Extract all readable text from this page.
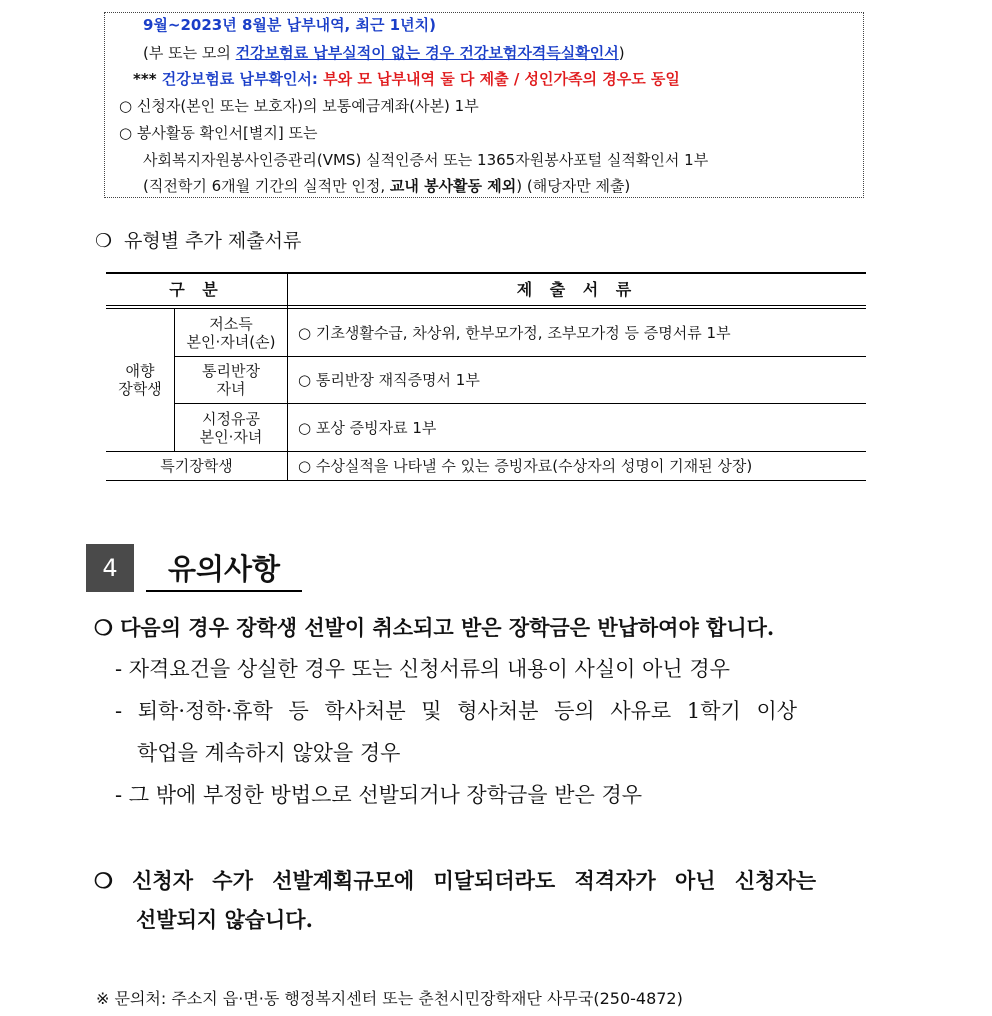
9월~2023년 8월분 납부내역, 최근 1년치)
(부 또는 모의 건강보험료 납부실적이 없는 경우 건강보험자격득실확인서)
*** 건강보험료 납부확인서: 부와 모 납부내역 둘 다 제출 / 성인가족의 경우도 동일
○ 신청자(본인 또는 보호자)의 보통예금계좌(사본) 1부
○ 봉사활동 확인서[별지] 또는
사회복지자원봉사인증관리(VMS) 실적인증서 또는 1365자원봉사포털 실적확인서 1부
(직전학기 6개월 기간의 실적만 인정, 교내 봉사활동 제외) (해당자만 제출)
❍ 유형별 추가 제출서류
구 분	제 출 서 류
애향
장학생
저소득
본인·자녀(손)	○ 기초생활수급, 차상위, 한부모가정, 조부모가정 등 증명서류 1부
통리반장
자녀	○ 통리반장 재직증명서 1부
시정유공
본인·자녀	○ 포상 증빙자료 1부
특기장학생	○ 수상실적을 나타낼 수 있는 증빙자료(수상자의 성명이 기재된 상장)
4	유의사항
❍ 다음의 경우 장학생 선발이 취소되고 받은 장학금은 반납하여야 합니다.
- 자격요건을 상실한 경우 또는 신청서류의 내용이 사실이 아닌 경우
- 퇴학·정학·휴학 등 학사처분 및 형사처분 등의 사유로 1학기 이상
학업을 계속하지 않았을 경우
- 그 밖에 부정한 방법으로 선발되거나 장학금을 받은 경우
❍ 신청자 수가 선발계획규모에 미달되더라도 적격자가 아닌 신청자는
선발되지 않습니다.
※ 문의처: 주소지 읍·면·동 행정복지센터 또는 춘천시민장학재단 사무국(250-4872)
